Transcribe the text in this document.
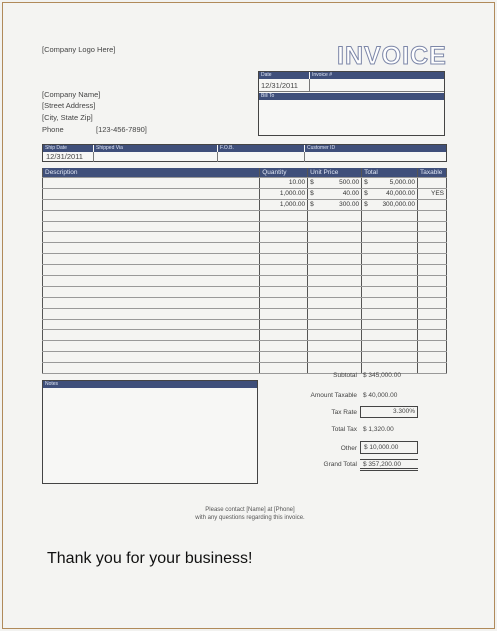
[Company Logo Here]
[Company Name]
[Street Address]
[City, State Zip]
Phone	[123-456-7890]
INVOICE
Date	Invoice #
12/31/2011
Bill To
Ship Date	Shipped Via	F.O.B.	Customer ID
12/31/2011
Description	Quantity	Unit Price	Total	Taxable
	10.00	$ 500.00	$ 5,000.00	

	1,000.00	$ 40.00	$ 40,000.00	YES
	1,000.00	$ 300.00	$ 300,000.00	

Notes
Subtotal $ 345,000.00
Amount Taxable $ 40,000.00
Tax Rate	3.300%
Total Tax $ 1,320.00
Other	$ 10,000.00
Grand Total $ 357,200.00
Please contact [Name] at [Phone]
with any questions regarding this invoice.
Thank you for your business!
